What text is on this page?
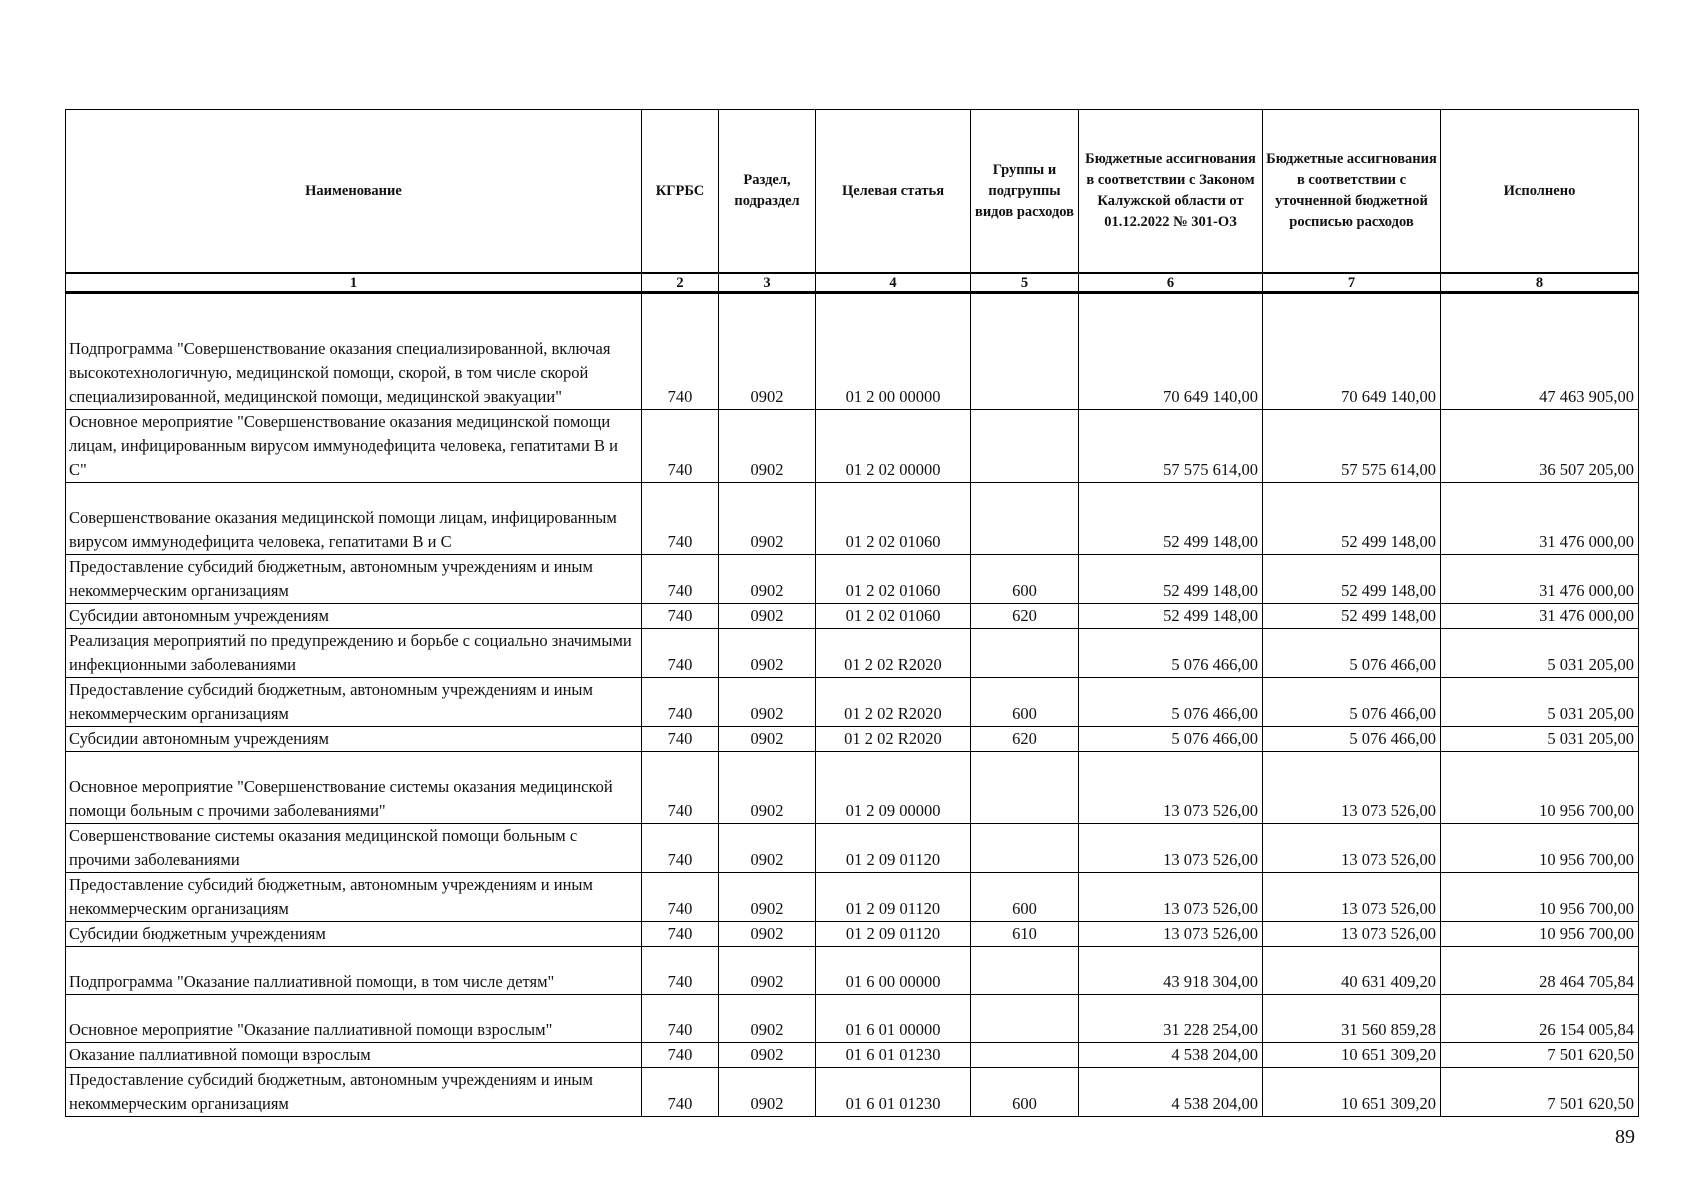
Наименование	КГРБС	Раздел, подраздел	Целевая статья	Группы и подгруппы видов расходов	Бюджетные ассигнования в соответствии с Законом Калужской области от 01.12.2022 № 301-ОЗ	Бюджетные ассигнования в соответствии с уточненной бюджетной росписью расходов	Исполнено
1	2	3	4	5	6	7	8
Подпрограмма "Совершенствование оказания специализированной, включая высокотехнологичную, медицинской помощи, скорой, в том числе скорой специализированной, медицинской помощи, медицинской эвакуации"	740	0902	01 2 00 00000		70 649 140,00	70 649 140,00	47 463 905,00
Основное мероприятие "Совершенствование оказания медицинской помощи лицам, инфицированным вирусом иммунодефицита человека, гепатитами В и С"	740	0902	01 2 02 00000		57 575 614,00	57 575 614,00	36 507 205,00
Совершенствование оказания медицинской помощи лицам, инфицированным вирусом иммунодефицита человека, гепатитами В и С	740	0902	01 2 02 01060		52 499 148,00	52 499 148,00	31 476 000,00
Предоставление субсидий бюджетным, автономным учреждениям и иным некоммерческим организациям	740	0902	01 2 02 01060	600	52 499 148,00	52 499 148,00	31 476 000,00
Субсидии автономным учреждениям	740	0902	01 2 02 01060	620	52 499 148,00	52 499 148,00	31 476 000,00
Реализация мероприятий по предупреждению и борьбе с социально значимыми инфекционными заболеваниями	740	0902	01 2 02 R2020		5 076 466,00	5 076 466,00	5 031 205,00
Предоставление субсидий бюджетным, автономным учреждениям и иным некоммерческим организациям	740	0902	01 2 02 R2020	600	5 076 466,00	5 076 466,00	5 031 205,00
Субсидии автономным учреждениям	740	0902	01 2 02 R2020	620	5 076 466,00	5 076 466,00	5 031 205,00
Основное мероприятие "Совершенствование системы оказания медицинской помощи больным с прочими заболеваниями"	740	0902	01 2 09 00000		13 073 526,00	13 073 526,00	10 956 700,00
Совершенствование системы оказания медицинской помощи больным с прочими заболеваниями	740	0902	01 2 09 01120		13 073 526,00	13 073 526,00	10 956 700,00
Предоставление субсидий бюджетным, автономным учреждениям и иным некоммерческим организациям	740	0902	01 2 09 01120	600	13 073 526,00	13 073 526,00	10 956 700,00
Субсидии бюджетным учреждениям	740	0902	01 2 09 01120	610	13 073 526,00	13 073 526,00	10 956 700,00
Подпрограмма "Оказание паллиативной помощи, в том числе детям"	740	0902	01 6 00 00000		43 918 304,00	40 631 409,20	28 464 705,84
Основное мероприятие "Оказание паллиативной помощи взрослым"	740	0902	01 6 01 00000		31 228 254,00	31 560 859,28	26 154 005,84
Оказание паллиативной помощи взрослым	740	0902	01 6 01 01230		4 538 204,00	10 651 309,20	7 501 620,50
Предоставление субсидий бюджетным, автономным учреждениям и иным некоммерческим организациям	740	0902	01 6 01 01230	600	4 538 204,00	10 651 309,20	7 501 620,50
89
